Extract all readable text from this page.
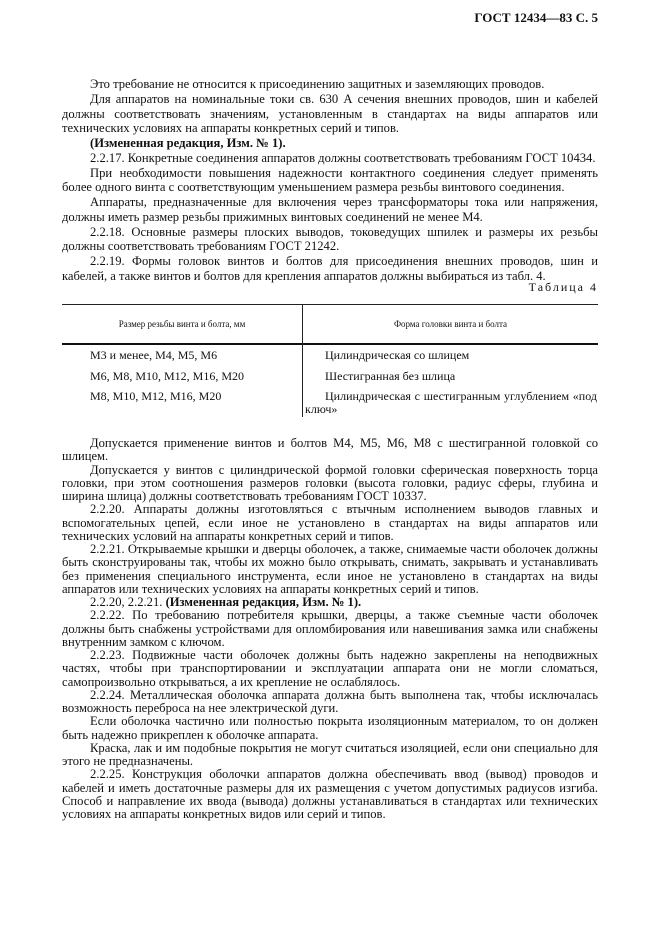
ГОСТ 12434—83 С. 5

Это требование не относится к присоединению защитных и заземляющих проводов.

Для аппаратов на номинальные токи св. 630 А сечения внешних проводов, шин и кабелей должны соответствовать значениям, установленным в стандартах на виды аппаратов или технических условиях на аппараты конкретных серий и типов.

(Измененная редакция, Изм. № 1).

2.2.17. Конкретные соединения аппаратов должны соответствовать требованиям ГОСТ 10434.

При необходимости повышения надежности контактного соединения следует применять более одного винта с соответствующим уменьшением размера резьбы винтового соединения.

Аппараты, предназначенные для включения через трансформаторы тока или напряжения, должны иметь размер резьбы прижимных винтовых соединений не менее М4.

2.2.18. Основные размеры плоских выводов, токоведущих шпилек и размеры их резьбы должны соответствовать требованиям ГОСТ 21242.

2.2.19. Формы головок винтов и болтов для присоединения внешних проводов, шин и кабелей, а также винтов и болтов для крепления аппаратов должны выбираться из табл. 4.

Таблица 4
Размер резьбы винта и болта, мм	Форма головки винта и болта
М3 и менее, М4, М5, М6	Цилиндрическая со шлицем
М6, М8, М10, М12, М16, М20	Шестигранная без шлица
М8, М10, М12, М16, М20	Цилиндрическая с шестигранным углублением «под ключ»

Допускается применение винтов и болтов М4, М5, М6, М8 с шестигранной головкой со шлицем.

Допускается у винтов с цилиндрической формой головки сферическая поверхность торца головки, при этом соотношения размеров головки (высота головки, радиус сферы, глубина и ширина шлица) должны соответствовать требованиям ГОСТ 10337.

2.2.20. Аппараты должны изготовляться с втычным исполнением выводов главных и вспомогательных цепей, если иное не установлено в стандартах на виды аппаратов или технических условий на аппараты конкретных серий и типов.

2.2.21. Открываемые крышки и дверцы оболочек, а также, снимаемые части оболочек должны быть сконструированы так, чтобы их можно было открывать, снимать, закрывать и устанавливать без применения специального инструмента, если иное не установлено в стандартах на виды аппаратов или технических условиях на аппараты конкретных серий и типов.

2.2.20, 2.2.21. (Измененная редакция, Изм. № 1).

2.2.22. По требованию потребителя крышки, дверцы, а также съемные части оболочек должны быть снабжены устройствами для опломбирования или навешивания замка или снабжены внутренним замком с ключом.

2.2.23. Подвижные части оболочек должны быть надежно закреплены на неподвижных частях, чтобы при транспортировании и эксплуатации аппарата они не могли сломаться, самопроизвольно открываться, а их крепление не ослаблялось.

2.2.24. Металлическая оболочка аппарата должна быть выполнена так, чтобы исключалась возможность переброса на нее электрической дуги.

Если оболочка частично или полностью покрыта изоляционным материалом, то он должен быть надежно прикреплен к оболочке аппарата.

Краска, лак и им подобные покрытия не могут считаться изоляцией, если они специально для этого не предназначены.

2.2.25. Конструкция оболочки аппаратов должна обеспечивать ввод (вывод) проводов и кабелей и иметь достаточные размеры для их размещения с учетом допустимых радиусов изгиба. Способ и направление их ввода (вывода) должны устанавливаться в стандартах или технических условиях на аппараты конкретных видов или серий и типов.
